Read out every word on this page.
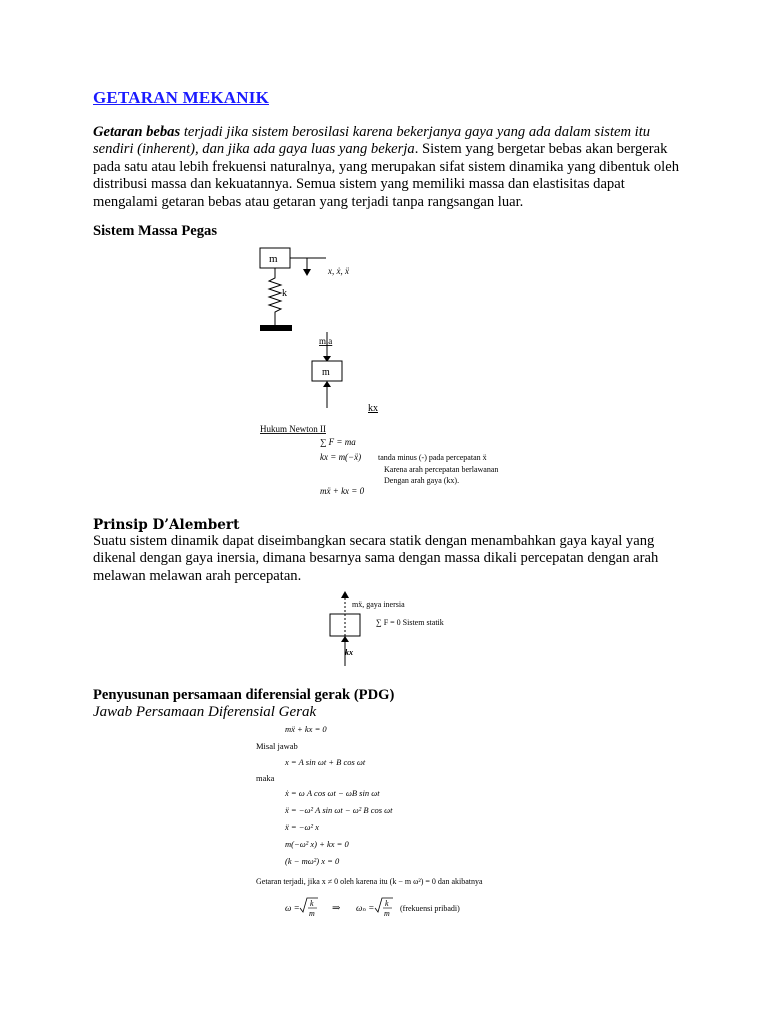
GETARAN MEKANIK
Getaran bebas terjadi jika sistem berosilasi karena bekerjanya gaya yang ada dalam sistem itu sendiri (inherent), dan jika ada gaya luas yang bekerja. Sistem yang bergetar bebas akan bergerak pada satu atau lebih frekuensi naturalnya, yang merupakan sifat sistem dinamika yang dibentuk oleh distribusi massa dan kekuatannya. Semua sistem yang memiliki massa dan elastisitas dapat mengalami getaran bebas atau getaran yang terjadi tanpa rangsangan luar.
Sistem Massa Pegas
m
x, ẋ, ẍ
k
m.a
m
kx
Hukum Newton II
∑ F = ma
kx = m(−ẍ)
mẍ + kx = 0
tanda minus (-) pada percepatan ẍ
Karena arah percepatan berlawanan
Dengan arah gaya (kx).
Prinsip D’Alembert
Suatu sistem dinamik dapat diseimbangkan secara statik dengan menambahkan gaya kayal yang dikenal dengan gaya inersia, dimana besarnya sama dengan massa dikali percepatan dengan arah melawan melawan arah percepatan.
mẍ, gaya inersia
∑ F = 0 Sistem statik
kx
Penyusunan persamaan diferensial gerak (PDG)
Jawab Persamaan Diferensial Gerak
mẍ + kx = 0
Misal jawab
x = A sin ωt + B cos ωt
maka
ẋ = ω A cos ωt − ωB sin ωt
ẍ = −ω² A sin ωt − ω² B cos ωt
ẍ = −ω² x
m(−ω² x) + kx = 0
(k − mω²) x = 0
Getaran terjadi, jika x ≠ 0 oleh karena itu (k − m ω²) = 0 dan akibatnya
ω = k
m ⇒ ωₙ = k
m
(frekuensi pribadi)
